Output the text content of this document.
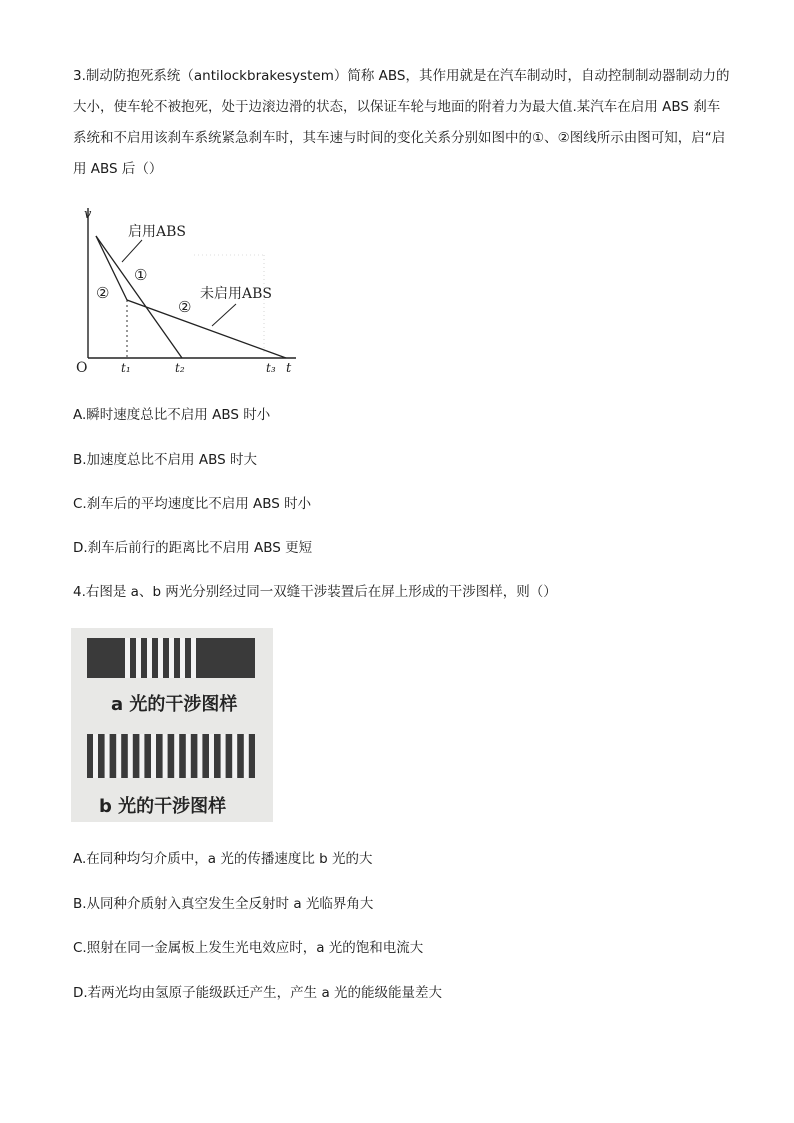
3.制动防抱死系统（antilockbrakesystem）简称 ABS，其作用就是在汽车制动时，自动控制制动器制动力的大小，使车轮不被抱死，处于边滚边滑的状态，以保证车轮与地面的附着力为最大值.某汽车在启用 ABS 刹车系统和不启用该刹车系统紧急刹车时，其车速与时间的变化关系分别如图中的①、②图线所示由图可知，启“启用 ABS 后（）

v
O	t
t₁	t₂	t₃
启用ABS
①
②	未启用ABS
②

A.瞬时速度总比不启用 ABS 时小

B.加速度总比不启用 ABS 时大

C.刹车后的平均速度比不启用 ABS 时小

D.刹车后前行的距离比不启用 ABS 更短

4.右图是 a、b 两光分别经过同一双缝干涉装置后在屏上形成的干涉图样，则（）

a 光的干涉图样
b 光的干涉图样

A.在同种均匀介质中，a 光的传播速度比 b 光的大

B.从同种介质射入真空发生全反射时 a 光临界角大

C.照射在同一金属板上发生光电效应时，a 光的饱和电流大

D.若两光均由氢原子能级跃迁产生，产生 a 光的能级能量差大
